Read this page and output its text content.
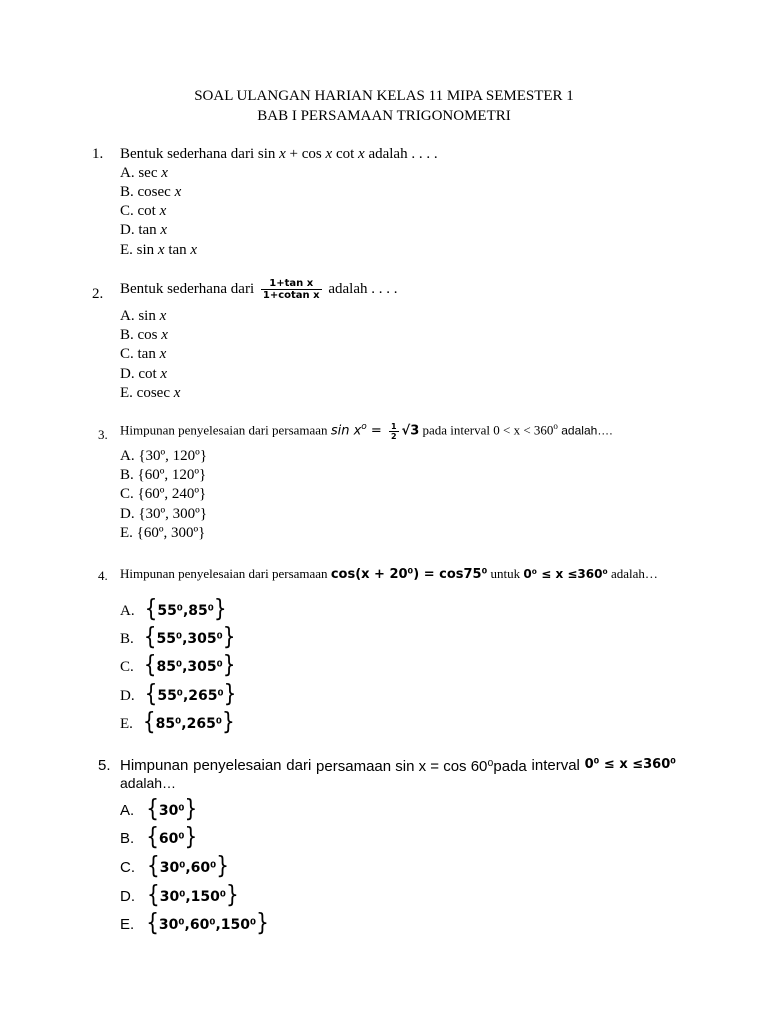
SOAL ULANGAN HARIAN KELAS 11 MIPA SEMESTER 1
BAB I PERSAMAAN TRIGONOMETRI
1. Bentuk sederhana dari sin x + cos x cot x adalah . . . .
A. sec x
B. cosec x
C. cot x
D. tan x
E. sin x tan x
2. Bentuk sederhana dari $\frac{\text{1+tan x}}{\text{1+cotan x}}$ adalah . . . .
A. sin x
B. cos x
C. tan x
D. cot x
E. cosec x
3. Himpunan penyelesaian dari persamaan $\sin x^o = \frac{1}{2} √3$ pada interval $0 < x < 360^o$ adalah….
A. {30º, 120º}
B. {60º, 120º}
C. {60º, 240º}
D. {30º, 300º}
E. {60º, 300º}
4. Himpunan penyelesaian dari persamaan cos(x + 20⁰) = cos75⁰ untuk 0⁰ ≤ x ≤360⁰ adalah…
A. {55⁰,85⁰}
B. {55⁰,305⁰}
C. {85⁰,305⁰}
D. {55⁰,265⁰}
E. {85⁰,265⁰}
5. Himpunan penyelesaian dari persamaan sin x = cos 60⁰pada interval 0⁰ ≤ x ≤360⁰
adalah…
A. {30⁰}
B. {60⁰}
C. {30⁰,60⁰}
D. {30⁰,150⁰}
E. {30⁰,60⁰,150⁰}
